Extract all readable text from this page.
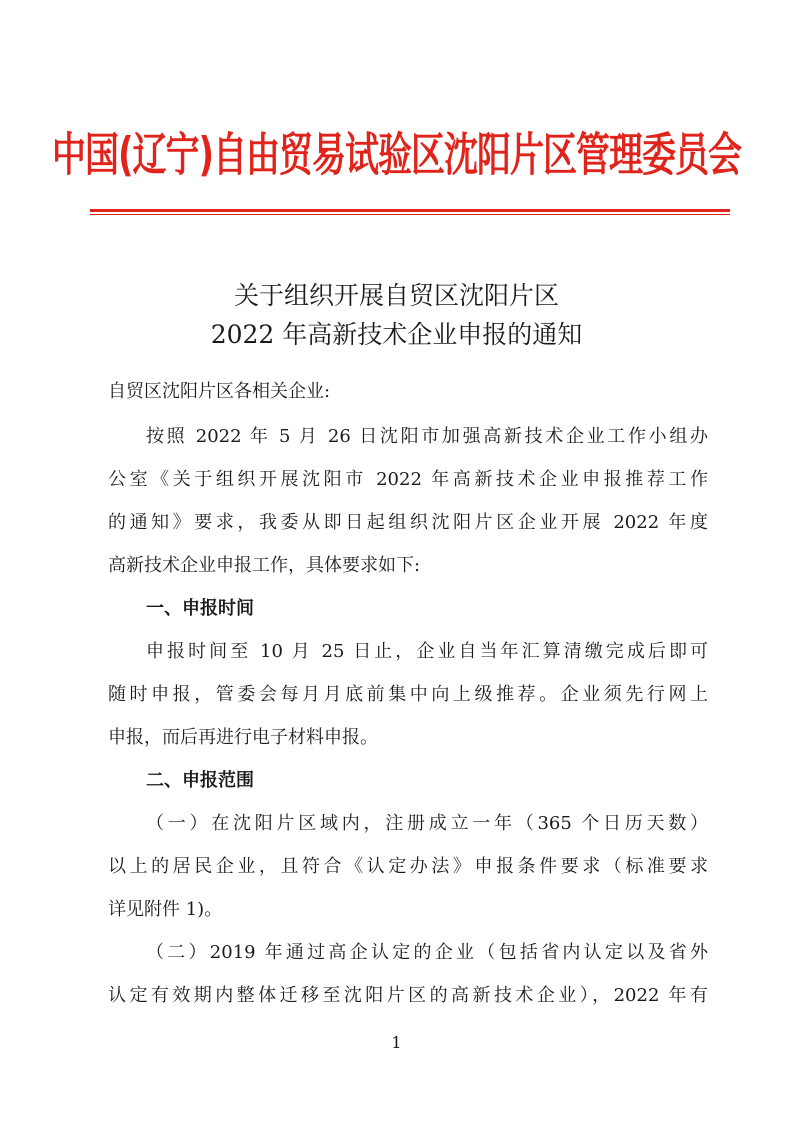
中国(辽宁)自由贸易试验区沈阳片区管理委员会
关于组织开展自贸区沈阳片区
2022 年高新技术企业申报的通知
自贸区沈阳片区各相关企业:
按照 2022 年 5 月 26 日沈阳市加强高新技术企业工作小组办
公室《关于组织开展沈阳市 2022 年高新技术企业申报推荐工作
的通知》要求，我委从即日起组织沈阳片区企业开展 2022 年度
高新技术企业申报工作，具体要求如下:
一、申报时间
申报时间至 10 月 25 日止，企业自当年汇算清缴完成后即可
随时申报，管委会每月月底前集中向上级推荐。企业须先行网上
申报，而后再进行电子材料申报。
二、申报范围
（一）在沈阳片区域内，注册成立一年（365 个日历天数）
以上的居民企业，且符合《认定办法》申报条件要求（标准要求
详见附件 1)。
（二）2019 年通过高企认定的企业（包括省内认定以及省外
认定有效期内整体迁移至沈阳片区的高新技术企业），2022 年有
1
